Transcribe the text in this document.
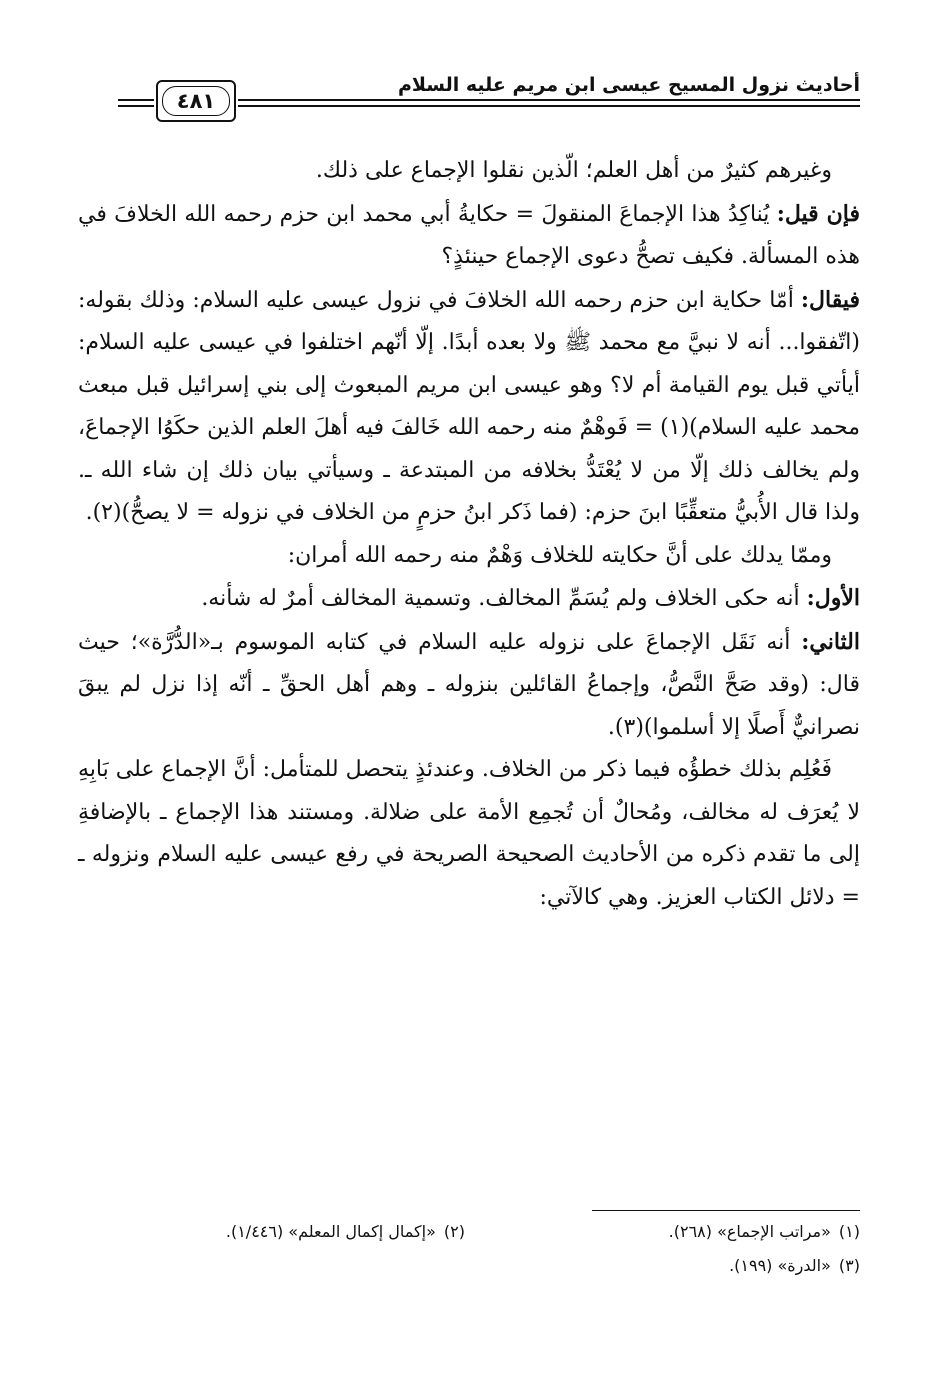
أحاديث نزول المسيح عيسى ابن مريم عليه السلام
٤٨١

وغيرهم كثيرٌ من أهل العلم؛ الّذين نقلوا الإجماع على ذلك.

فإن قيل: يُناكِدُ هذا الإجماعَ المنقولَ = حكايةُ أبي محمد ابن حزم رحمه الله الخلافَ في هذه المسألة. فكيف تصحُّ دعوى الإجماع حينئذٍ؟

فيقال: أمّا حكاية ابن حزم رحمه الله الخلافَ في نزول عيسى عليه السلام: وذلك بقوله: (اتّفقوا... أنه لا نبيَّ مع محمد ﷺ ولا بعده أبدًا. إلّا أنّهم اختلفوا في عيسى عليه السلام: أيأتي قبل يوم القيامة أم لا؟ وهو عيسى ابن مريم المبعوث إلى بني إسرائيل قبل مبعث محمد عليه السلام)(١) = فَوهْمٌ منه رحمه الله خَالفَ فيه أهلَ العلم الذين حكَوُا الإجماعَ، ولم يخالف ذلك إلّا من لا يُعْتَدُّ بخلافه من المبتدعة ـ وسيأتي بيان ذلك إن شاء الله ـ. ولذا قال الأُبيُّ متعقِّبًا ابنَ حزم: (فما ذَكر ابنُ حزمٍ من الخلاف في نزوله = لا يصحُّ)(٢).

وممّا يدلك على أنَّ حكايته للخلاف وَهْمٌ منه رحمه الله أمران:

الأول: أنه حكى الخلاف ولم يُسَمِّ المخالف. وتسمية المخالف أمرٌ له شأنه.

الثاني: أنه نَقَل الإجماعَ على نزوله عليه السلام في كتابه الموسوم بـ«الدُّرَّة»؛ حيث قال: (وقد صَحَّ النَّصُّ، وإجماعُ القائلين بنزوله ـ وهم أهل الحقِّ ـ أنّه إذا نزل لم يبقَ نصرانيٌّ أَصلًا إلا أسلموا)(٣).

فَعُلِم بذلك خطؤُه فيما ذكر من الخلاف. وعندئذٍ يتحصل للمتأمل: أنَّ الإجماع على بَابِهِ لا يُعرَف له مخالف، ومُحالٌ أن تُجمِع الأمة على ضلالة. ومستند هذا الإجماع ـ بالإضافةِ إلى ما تقدم ذكره من الأحاديث الصحيحة الصريحة في رفع عيسى عليه السلام ونزوله ـ = دلائل الكتاب العزيز. وهي كالآتي:

(١)«مراتب الإجماع» (٢٦٨).
(٢)«إكمال إكمال المعلم» (١/٤٤٦).
(٣)«الدرة» (١٩٩).
